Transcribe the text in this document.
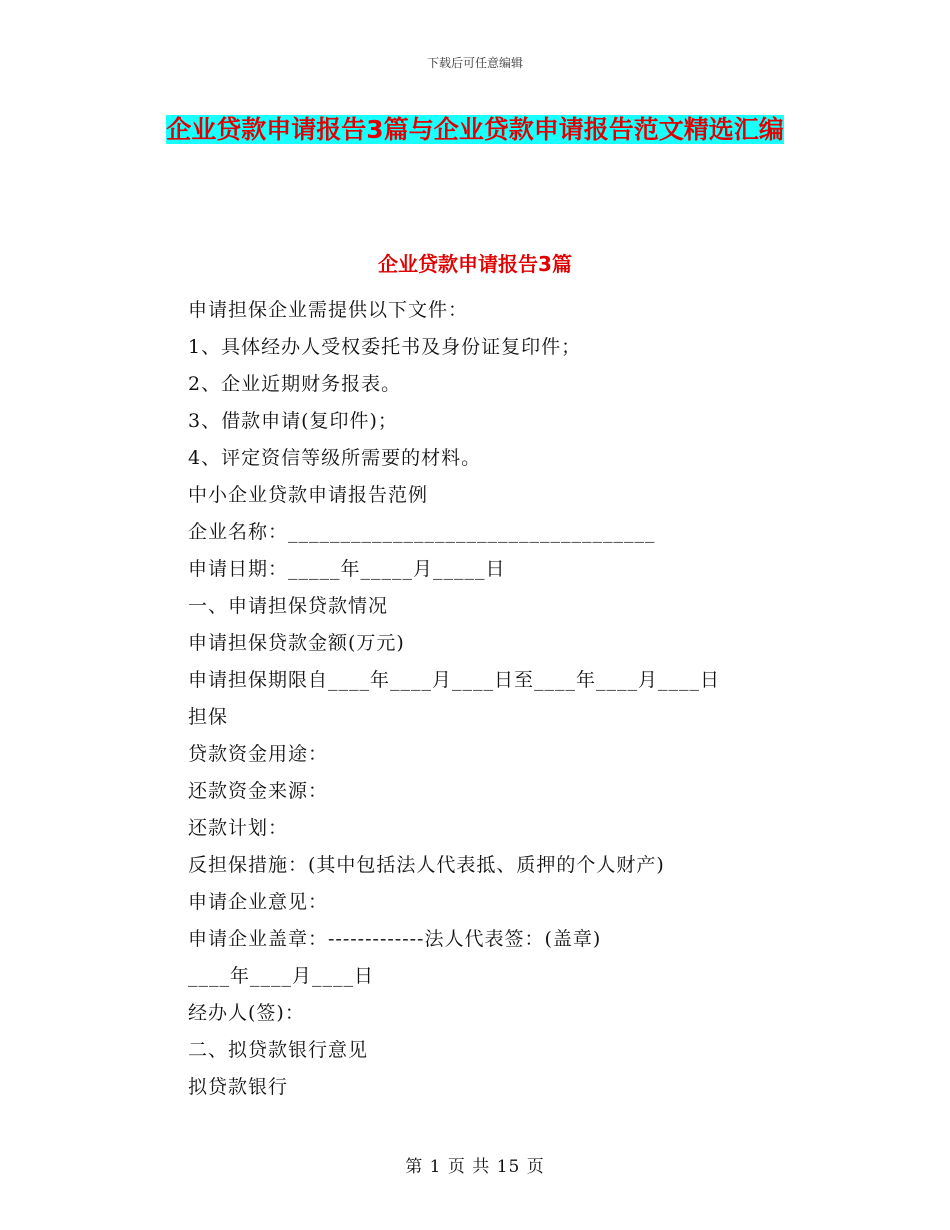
下载后可任意编辑
企业贷款申请报告3篇与企业贷款申请报告范文精选汇编
企业贷款申请报告3篇
申请担保企业需提供以下文件：
1、具体经办人受权委托书及身份证复印件；
2、企业近期财务报表。
3、借款申请(复印件)；
4、评定资信等级所需要的材料。
中小企业贷款申请报告范例
企业名称：___________________________________
申请日期：_____年_____月_____日
一、申请担保贷款情况
申请担保贷款金额(万元)
申请担保期限自____年____月____日至____年____月____日
担保
贷款资金用途：
还款资金来源：
还款计划：
反担保措施：(其中包括法人代表抵、质押的个人财产)
申请企业意见：
申请企业盖章：-------------法人代表签：(盖章)
____年____月____日
经办人(签)：
二、拟贷款银行意见
拟贷款银行
第 1 页 共 15 页
